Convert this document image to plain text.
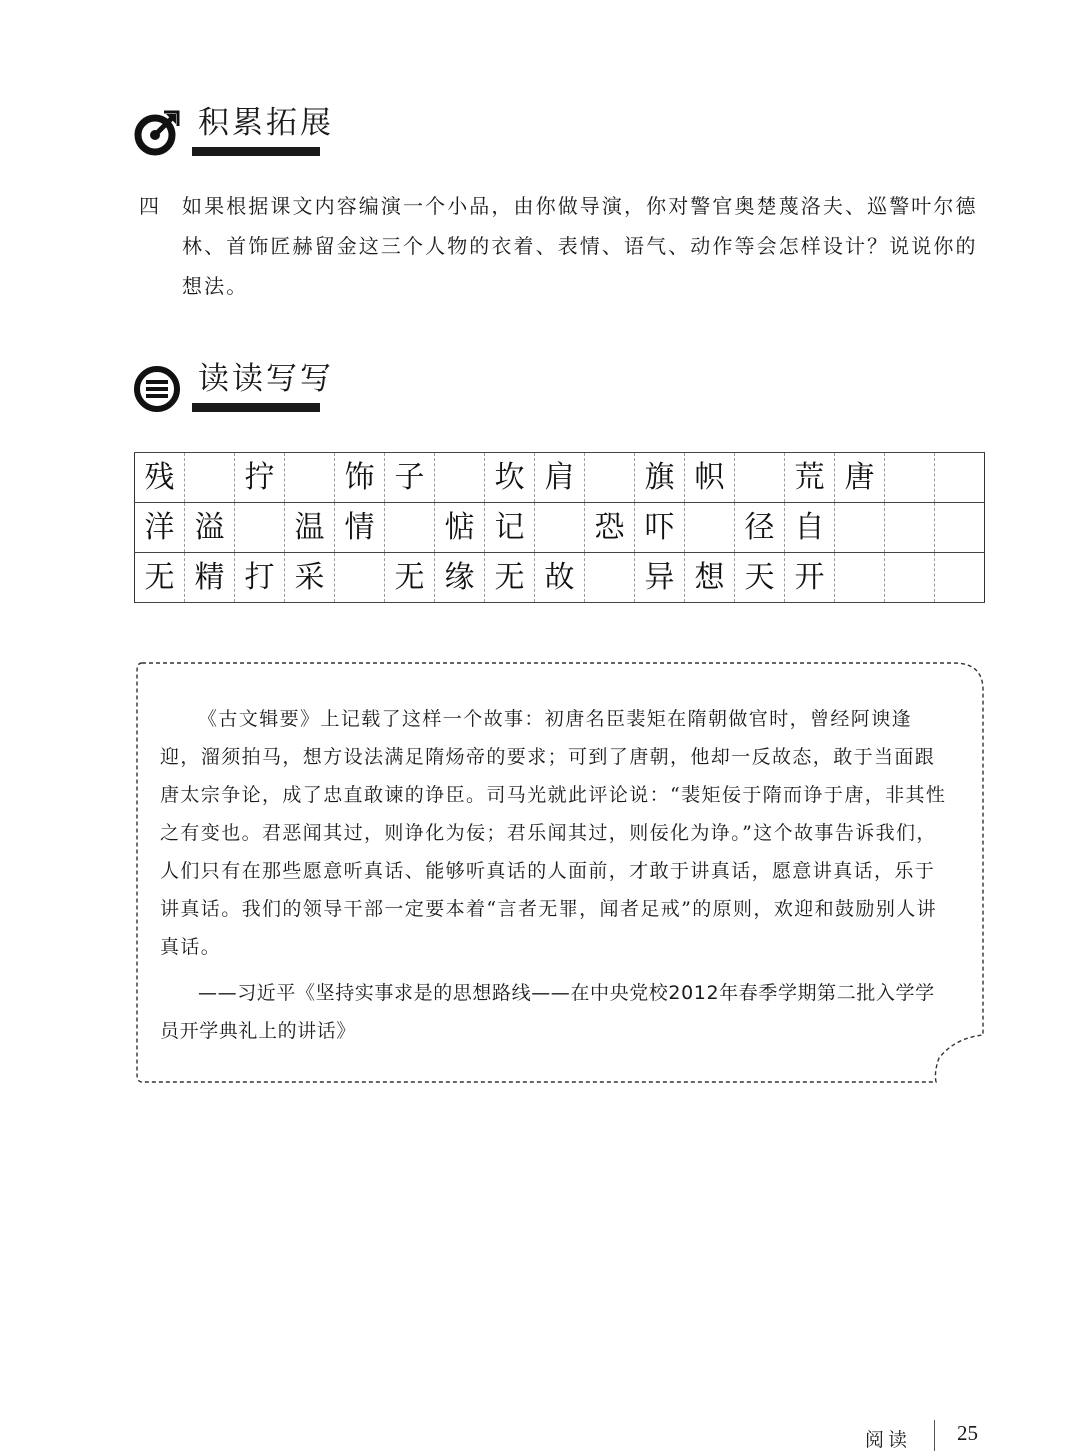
积累拓展
四 如果根据课文内容编演一个小品，由你做导演，你对警官奥楚蔑洛夫、巡警叶尔德林、首饰匠赫留金这三个人物的衣着、表情、语气、动作等会怎样设计？说说你的想法。
读读写写
残		拧		饰	子		坎	肩		旗	帜		荒	唐		
洋	溢		温	情		惦	记		恐	吓		径	自			
无	精	打	采		无	缘	无	故		异	想	天	开			
《古文辑要》上记载了这样一个故事：初唐名臣裴矩在隋朝做官时，曾经阿谀逢迎，溜须拍马，想方设法满足隋炀帝的要求；可到了唐朝，他却一反故态，敢于当面跟唐太宗争论，成了忠直敢谏的诤臣。司马光就此评论说：“裴矩佞于隋而诤于唐，非其性之有变也。君恶闻其过，则诤化为佞；君乐闻其过，则佞化为诤。”这个故事告诉我们，人们只有在那些愿意听真话、能够听真话的人面前，才敢于讲真话，愿意讲真话，乐于讲真话。我们的领导干部一定要本着“言者无罪，闻者足戒”的原则，欢迎和鼓励别人讲真话。
——习近平《坚持实事求是的思想路线——在中央党校2012年春季学期第二批入学学员开学典礼上的讲话》
阅读 25
